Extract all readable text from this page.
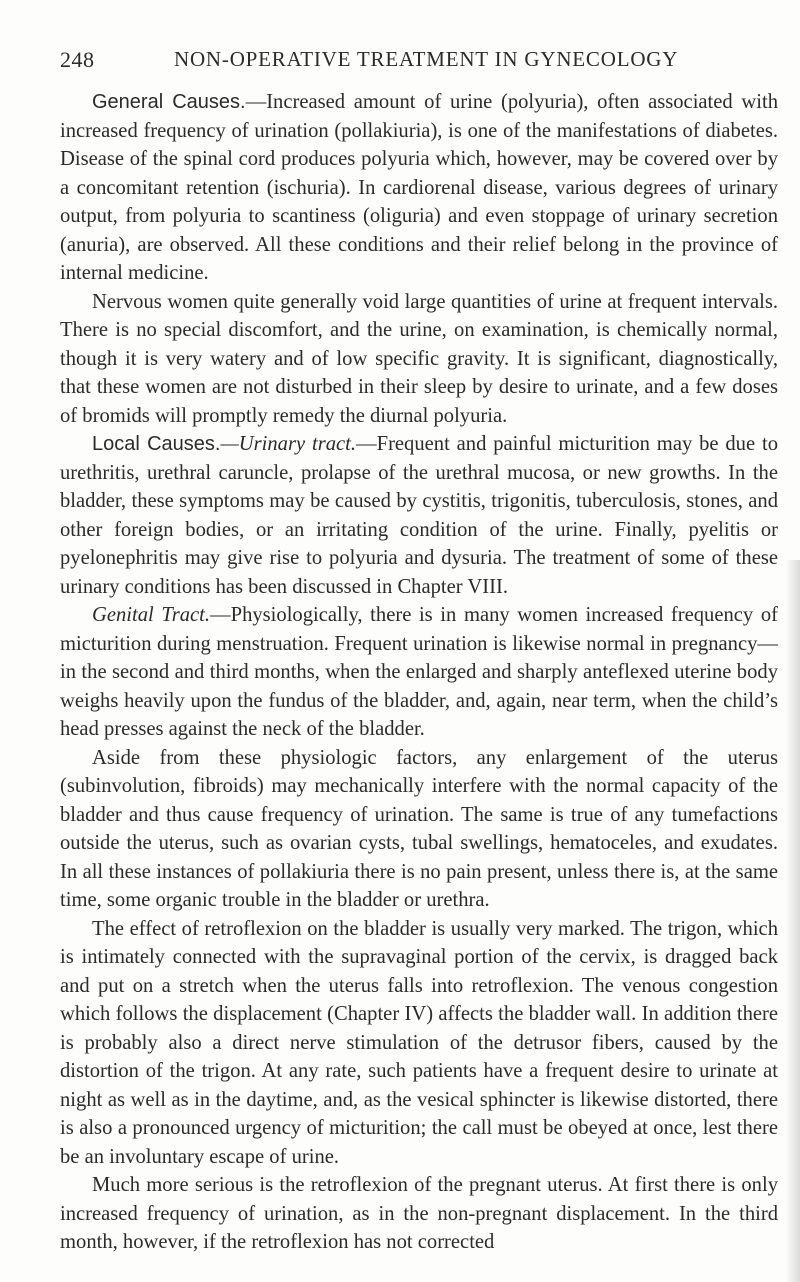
248	NON-OPERATIVE TREATMENT IN GYNECOLOGY

General Causes.—Increased amount of urine (polyuria), often associated with increased frequency of urination (pollakiuria), is one of the manifestations of diabetes. Disease of the spinal cord produces polyuria which, however, may be covered over by a concomitant retention (ischuria). In cardiorenal disease, various degrees of urinary output, from polyuria to scantiness (oliguria) and even stoppage of urinary secretion (anuria), are observed. All these conditions and their relief belong in the province of internal medicine.

Nervous women quite generally void large quantities of urine at frequent intervals. There is no special discomfort, and the urine, on examination, is chemically normal, though it is very watery and of low specific gravity. It is significant, diagnostically, that these women are not disturbed in their sleep by desire to urinate, and a few doses of bromids will promptly remedy the diurnal polyuria.

Local Causes.—Urinary tract.—Frequent and painful micturition may be due to urethritis, urethral caruncle, prolapse of the urethral mucosa, or new growths. In the bladder, these symptoms may be caused by cystitis, trigonitis, tuberculosis, stones, and other foreign bodies, or an irritating condition of the urine. Finally, pyelitis or pyelonephritis may give rise to polyuria and dysuria. The treatment of some of these urinary conditions has been discussed in Chapter VIII.

Genital Tract.—Physiologically, there is in many women increased frequency of micturition during menstruation. Frequent urination is likewise normal in pregnancy—in the second and third months, when the enlarged and sharply anteflexed uterine body weighs heavily upon the fundus of the bladder, and, again, near term, when the child’s head presses against the neck of the bladder.

Aside from these physiologic factors, any enlargement of the uterus (subinvolution, fibroids) may mechanically interfere with the normal capacity of the bladder and thus cause frequency of urination. The same is true of any tumefactions outside the uterus, such as ovarian cysts, tubal swellings, hematoceles, and exudates. In all these instances of pollakiuria there is no pain present, unless there is, at the same time, some organic trouble in the bladder or urethra.

The effect of retroflexion on the bladder is usually very marked. The trigon, which is intimately connected with the supravaginal portion of the cervix, is dragged back and put on a stretch when the uterus falls into retroflexion. The venous congestion which follows the displacement (Chapter IV) affects the bladder wall. In addition there is probably also a direct nerve stimulation of the detrusor fibers, caused by the distortion of the trigon. At any rate, such patients have a frequent desire to urinate at night as well as in the daytime, and, as the vesical sphincter is likewise distorted, there is also a pronounced urgency of micturition; the call must be obeyed at once, lest there be an involuntary escape of urine.

Much more serious is the retroflexion of the pregnant uterus. At first there is only increased frequency of urination, as in the non-pregnant displacement. In the third month, however, if the retroflexion has not corrected
